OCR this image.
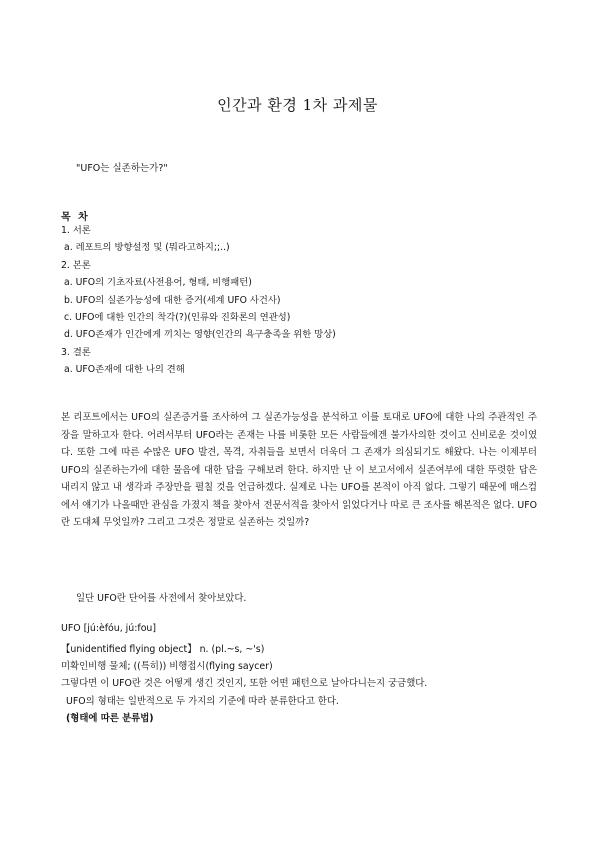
인간과 환경 1차 과제물
"UFO는 실존하는가?"
목 차
1. 서론
a. 레포트의 방향설정 및 (뭐라고하지;;..)
2. 본론
a. UFO의 기초자료(사전용어, 형태, 비행패턴)
b. UFO의 실존가능성에 대한 증거(세계 UFO 사건사)
c. UFO에 대한 인간의 착각(?)(인류와 진화론의 연관성)
d. UFO존재가 인간에게 끼치는 영향(인간의 욕구충족을 위한 망상)
3. 결론
a. UFO존재에 대한 나의 견해

본 리포트에서는 UFO의 실존증거를 조사하여 그 실존가능성을 분석하고 이를 토대로 UFO에 대한 나의 주관적인 주장을 말하고자 한다. 어려서부터 UFO라는 존재는 나를 비롯한 모든 사람들에겐 불가사의한 것이고 신비로운 것이였다. 또한 그에 따른 수많은 UFO 발견, 목격, 자취들을 보면서 더욱더 그 존재가 의심되기도 해왔다. 나는 이제부터 UFO의 실존하는가에 대한 물음에 대한 답을 구해보려 한다. 하지만 난 이 보고서에서 실존여부에 대한 뚜렷한 답은 내리지 않고 내 생각과 주장만을 펼칠 것을 언급하겠다. 실제로 나는 UFO를 본적이 아직 없다. 그렇기 때문에 매스컴에서 얘기가 나올때만 관심을 가졌지 책을 찾아서 전문서적을 찾아서 읽었다거나 따로 큰 조사를 해본적은 없다. UFO란 도대체 무엇일까? 그리고 그것은 정말로 실존하는 것일까?

일단 UFO란 단어를 사전에서 찾아보았다.
UFO [jú:èfóu, jú:fou]
【unidentified flying object】 n. (pl.~s, ~'s)
미확인비행 물체; ((특히)) 비행접시(flying saycer)
그렇다면 이 UFO란 것은 어떻게 생긴 것인지, 또한 어떤 패턴으로 날아다니는지 궁금했다.
UFO의 형태는 일반적으로 두 가지의 기준에 따라 분류한다고 한다.
(형태에 따른 분류법)
